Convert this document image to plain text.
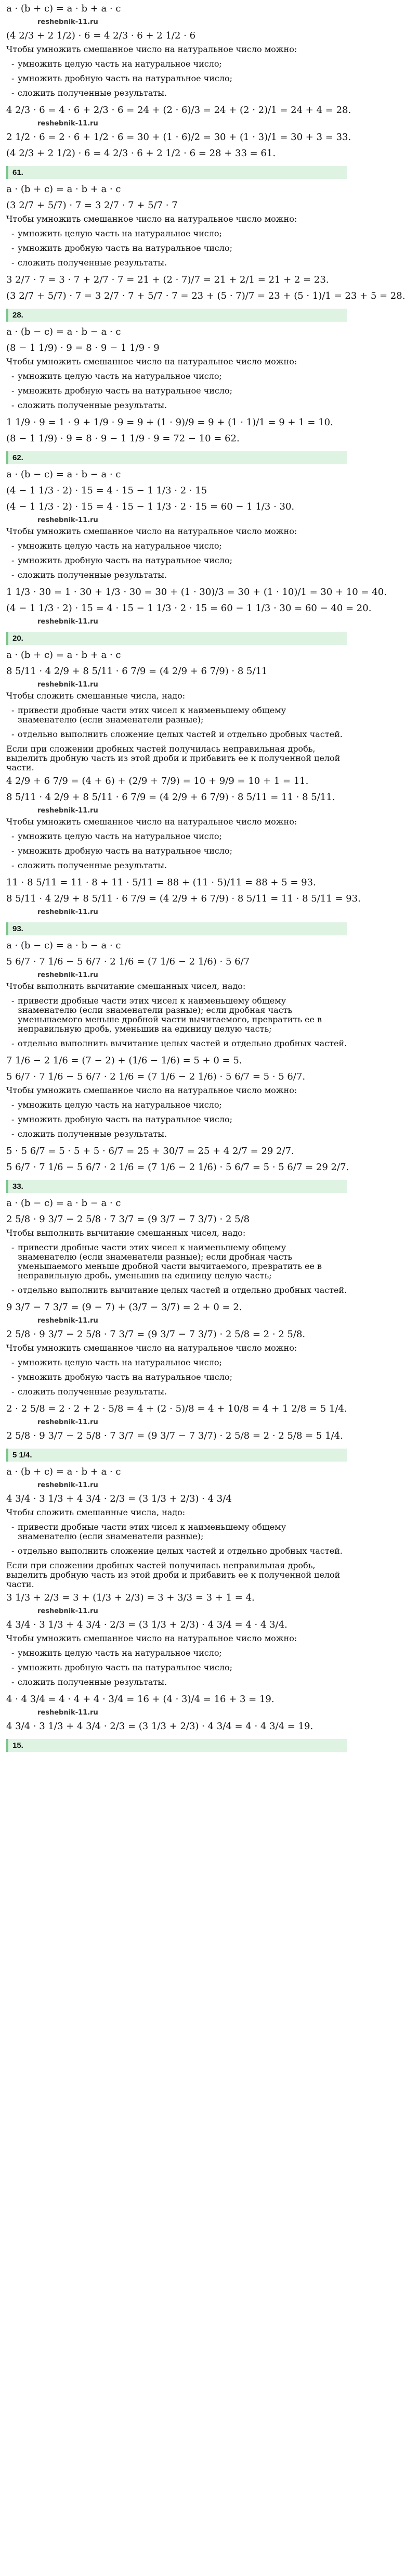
a · (b + c) = a · b + a · c
reshebnik-11.ru
(4 2/3 + 2 1/2) · 6 = 4 2/3 · 6 + 2 1/2 · 6
Чтобы умножить смешанное число на натуральное число можно:
- умножить целую часть на натуральное число;
- умножить дробную часть на натуральное число;
- сложить полученные результаты.
4 2/3 · 6 = 4 · 6 + 2/3 · 6 = 24 + (2 · 6)/3 = 24 + (2 · 2)/1 = 24 + 4 = 28.
reshebnik-11.ru
2 1/2 · 6 = 2 · 6 + 1/2 · 6 = 30 + (1 · 6)/2 = 30 + (1 · 3)/1 = 30 + 3 = 33.
(4 2/3 + 2 1/2) · 6 = 4 2/3 · 6 + 2 1/2 · 6 = 28 + 33 = 61.
61.
a · (b + c) = a · b + a · c
(3 2/7 + 5/7) · 7 = 3 2/7 · 7 + 5/7 · 7
Чтобы умножить смешанное число на натуральное число можно:
- умножить целую часть на натуральное число;
- умножить дробную часть на натуральное число;
- сложить полученные результаты.
3 2/7 · 7 = 3 · 7 + 2/7 · 7 = 21 + (2 · 7)/7 = 21 + 2/1 = 21 + 2 = 23.
(3 2/7 + 5/7) · 7 = 3 2/7 · 7 + 5/7 · 7 = 23 + (5 · 7)/7 = 23 + (5 · 1)/1 = 23 + 5 = 28.
28.
a · (b − c) = a · b − a · c
(8 − 1 1/9) · 9 = 8 · 9 − 1 1/9 · 9
Чтобы умножить смешанное число на натуральное число можно:
- умножить целую часть на натуральное число;
- умножить дробную часть на натуральное число;
- сложить полученные результаты.
1 1/9 · 9 = 1 · 9 + 1/9 · 9 = 9 + (1 · 9)/9 = 9 + (1 · 1)/1 = 9 + 1 = 10.
(8 − 1 1/9) · 9 = 8 · 9 − 1 1/9 · 9 = 72 − 10 = 62.
62.
a · (b − c) = a · b − a · c
(4 − 1 1/3 · 2) · 15 = 4 · 15 − 1 1/3 · 2 · 15
(4 − 1 1/3 · 2) · 15 = 4 · 15 − 1 1/3 · 2 · 15 = 60 − 1 1/3 · 30.
reshebnik-11.ru
Чтобы умножить смешанное число на натуральное число можно:
- умножить целую часть на натуральное число;
- умножить дробную часть на натуральное число;
- сложить полученные результаты.
1 1/3 · 30 = 1 · 30 + 1/3 · 30 = 30 + (1 · 30)/3 = 30 + (1 · 10)/1 = 30 + 10 = 40.
(4 − 1 1/3 · 2) · 15 = 4 · 15 − 1 1/3 · 2 · 15 = 60 − 1 1/3 · 30 = 60 − 40 = 20.
reshebnik-11.ru
20.
a · (b + c) = a · b + a · c
8 5/11 · 4 2/9 + 8 5/11 · 6 7/9 = (4 2/9 + 6 7/9) · 8 5/11
reshebnik-11.ru
Чтобы сложить смешанные числа, надо:
- привести дробные части этих чисел к наименьшему общему знаменателю (если знаменатели разные);
- отдельно выполнить сложение целых частей и отдельно дробных частей.
Если при сложении дробных частей получилась неправильная дробь, выделить дробную часть из этой дроби и прибавить ее к полученной целой части.
4 2/9 + 6 7/9 = (4 + 6) + (2/9 + 7/9) = 10 + 9/9 = 10 + 1 = 11.
8 5/11 · 4 2/9 + 8 5/11 · 6 7/9 = (4 2/9 + 6 7/9) · 8 5/11 = 11 · 8 5/11.
reshebnik-11.ru
Чтобы умножить смешанное число на натуральное число можно:
- умножить целую часть на натуральное число;
- умножить дробную часть на натуральное число;
- сложить полученные результаты.
11 · 8 5/11 = 11 · 8 + 11 · 5/11 = 88 + (11 · 5)/11 = 88 + 5 = 93.
8 5/11 · 4 2/9 + 8 5/11 · 6 7/9 = (4 2/9 + 6 7/9) · 8 5/11 = 11 · 8 5/11 = 93.
reshebnik-11.ru
93.
a · (b − c) = a · b − a · c
5 6/7 · 7 1/6 − 5 6/7 · 2 1/6 = (7 1/6 − 2 1/6) · 5 6/7
reshebnik-11.ru
Чтобы выполнить вычитание смешанных чисел, надо:
- привести дробные части этих чисел к наименьшему общему знаменателю (если знаменатели разные); если дробная часть уменьшаемого меньше дробной части вычитаемого, превратить ее в неправильную дробь, уменьшив на единицу целую часть;
- отдельно выполнить вычитание целых частей и отдельно дробных частей.
7 1/6 − 2 1/6 = (7 − 2) + (1/6 − 1/6) = 5 + 0 = 5.
5 6/7 · 7 1/6 − 5 6/7 · 2 1/6 = (7 1/6 − 2 1/6) · 5 6/7 = 5 · 5 6/7.
Чтобы умножить смешанное число на натуральное число можно:
- умножить целую часть на натуральное число;
- умножить дробную часть на натуральное число;
- сложить полученные результаты.
5 · 5 6/7 = 5 · 5 + 5 · 6/7 = 25 + 30/7 = 25 + 4 2/7 = 29 2/7.
5 6/7 · 7 1/6 − 5 6/7 · 2 1/6 = (7 1/6 − 2 1/6) · 5 6/7 = 5 · 5 6/7 = 29 2/7.
33.
a · (b − c) = a · b − a · c
2 5/8 · 9 3/7 − 2 5/8 · 7 3/7 = (9 3/7 − 7 3/7) · 2 5/8
Чтобы выполнить вычитание смешанных чисел, надо:
- привести дробные части этих чисел к наименьшему общему знаменателю (если знаменатели разные); если дробная часть уменьшаемого меньше дробной части вычитаемого, превратить ее в неправильную дробь, уменьшив на единицу целую часть;
- отдельно выполнить вычитание целых частей и отдельно дробных частей.
9 3/7 − 7 3/7 = (9 − 7) + (3/7 − 3/7) = 2 + 0 = 2.
reshebnik-11.ru
2 5/8 · 9 3/7 − 2 5/8 · 7 3/7 = (9 3/7 − 7 3/7) · 2 5/8 = 2 · 2 5/8.
Чтобы умножить смешанное число на натуральное число можно:
- умножить целую часть на натуральное число;
- умножить дробную часть на натуральное число;
- сложить полученные результаты.
2 · 2 5/8 = 2 · 2 + 2 · 5/8 = 4 + (2 · 5)/8 = 4 + 10/8 = 4 + 1 2/8 = 5 1/4.
reshebnik-11.ru
2 5/8 · 9 3/7 − 2 5/8 · 7 3/7 = (9 3/7 − 7 3/7) · 2 5/8 = 2 · 2 5/8 = 5 1/4.
5 1/4.
a · (b + c) = a · b + a · c
reshebnik-11.ru
4 3/4 · 3 1/3 + 4 3/4 · 2/3 = (3 1/3 + 2/3) · 4 3/4
Чтобы сложить смешанные числа, надо:
- привести дробные части этих чисел к наименьшему общему знаменателю (если знаменатели разные);
- отдельно выполнить сложение целых частей и отдельно дробных частей.
Если при сложении дробных частей получилась неправильная дробь, выделить дробную часть из этой дроби и прибавить ее к полученной целой части.
3 1/3 + 2/3 = 3 + (1/3 + 2/3) = 3 + 3/3 = 3 + 1 = 4.
reshebnik-11.ru
4 3/4 · 3 1/3 + 4 3/4 · 2/3 = (3 1/3 + 2/3) · 4 3/4 = 4 · 4 3/4.
Чтобы умножить смешанное число на натуральное число можно:
- умножить целую часть на натуральное число;
- умножить дробную часть на натуральное число;
- сложить полученные результаты.
4 · 4 3/4 = 4 · 4 + 4 · 3/4 = 16 + (4 · 3)/4 = 16 + 3 = 19.
reshebnik-11.ru
4 3/4 · 3 1/3 + 4 3/4 · 2/3 = (3 1/3 + 2/3) · 4 3/4 = 4 · 4 3/4 = 19.
15.
